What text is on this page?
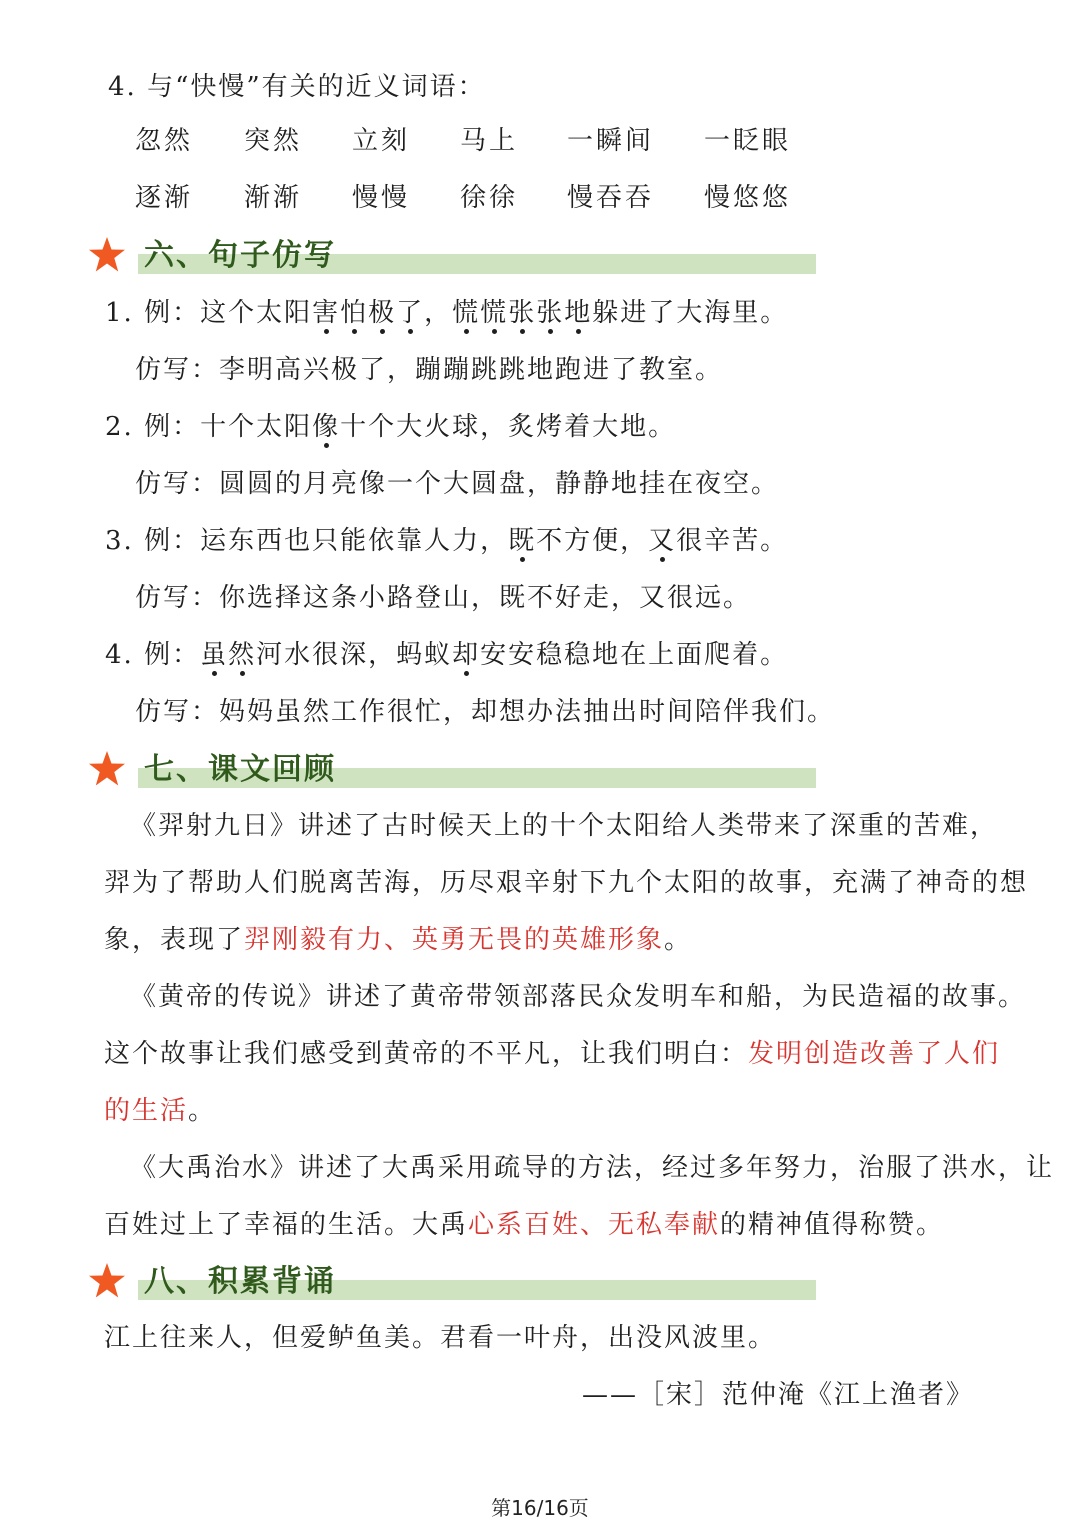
4. 与“快慢”有关的近义词语：
忽然 突然 立刻 马上 一瞬间 一眨眼
逐渐 渐渐 慢慢 徐徐 慢吞吞 慢悠悠
六、句子仿写
1. 例：这个太阳害怕极了，慌慌张张地躲进了大海里。
仿写：李明高兴极了，蹦蹦跳跳地跑进了教室。
2. 例：十个太阳像十个大火球，炙烤着大地。
仿写：圆圆的月亮像一个大圆盘，静静地挂在夜空。
3. 例：运东西也只能依靠人力，既不方便，又很辛苦。
仿写：你选择这条小路登山，既不好走，又很远。
4. 例：虽然河水很深，蚂蚁却安安稳稳地在上面爬着。
仿写：妈妈虽然工作很忙，却想办法抽出时间陪伴我们。
七、课文回顾
《羿射九日》讲述了古时候天上的十个太阳给人类带来了深重的苦难，
羿为了帮助人们脱离苦海，历尽艰辛射下九个太阳的故事，充满了神奇的想
象，表现了羿刚毅有力、英勇无畏的英雄形象。
《黄帝的传说》讲述了黄帝带领部落民众发明车和船，为民造福的故事。
这个故事让我们感受到黄帝的不平凡，让我们明白：发明创造改善了人们
的生活。
《大禹治水》讲述了大禹采用疏导的方法，经过多年努力，治服了洪水，让
百姓过上了幸福的生活。大禹心系百姓、无私奉献的精神值得称赞。
八、积累背诵
江上往来人，但爱鲈鱼美。君看一叶舟，出没风波里。
——［宋］范仲淹《江上渔者》
第16/16页
